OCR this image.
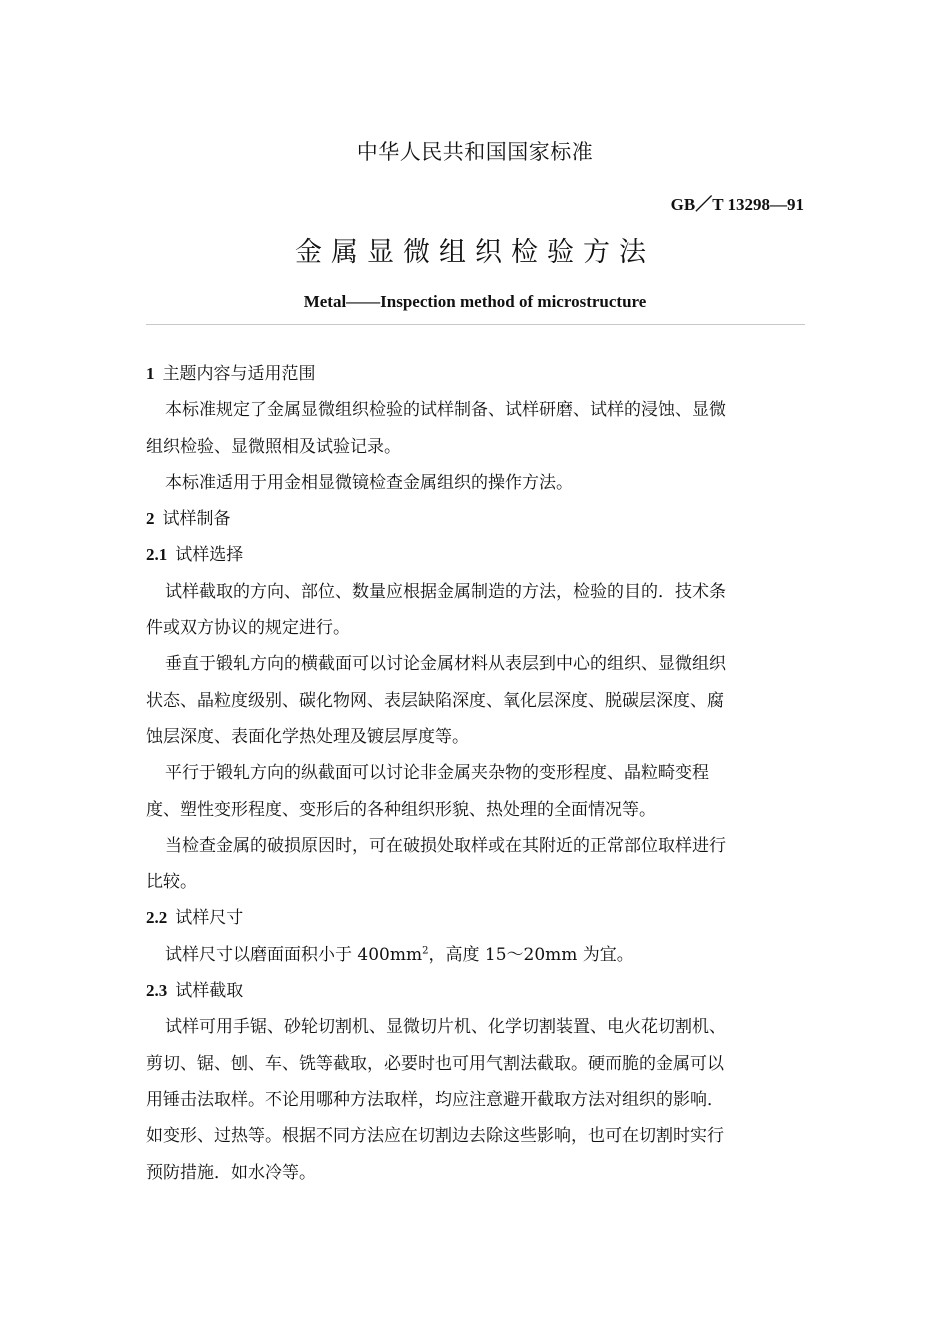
中华人民共和国国家标准
GB／T 13298—91
金属显微组织检验方法
Metal——Inspection method of microstructure
1 主题内容与适用范围
本标准规定了金属显微组织检验的试样制备、试样研磨、试样的浸蚀、显微
组织检验、显微照相及试验记录。
本标准适用于用金相显微镜检查金属组织的操作方法。
2 试样制备
2.1 试样选择
试样截取的方向、部位、数量应根据金属制造的方法，检验的目的．技术条
件或双方协议的规定进行。
垂直于锻轧方向的横截面可以讨论金属材料从表层到中心的组织、显微组织
状态、晶粒度级别、碳化物网、表层缺陷深度、氧化层深度、脱碳层深度、腐
蚀层深度、表面化学热处理及镀层厚度等。
平行于锻轧方向的纵截面可以讨论非金属夹杂物的变形程度、晶粒畸变程
度、塑性变形程度、变形后的各种组织形貌、热处理的全面情况等。
当检查金属的破损原因时，可在破损处取样或在其附近的正常部位取样进行
比较。
2.2 试样尺寸
试样尺寸以磨面面积小于 $400mm^2$，高度 15～20mm 为宜。
2.3 试样截取
试样可用手锯、砂轮切割机、显微切片机、化学切割装置、电火花切割机、
剪切、锯、刨、车、铣等截取，必要时也可用气割法截取。硬而脆的金属可以
用锤击法取样。不论用哪种方法取样，均应注意避开截取方法对组织的影响．
如变形、过热等。根据不同方法应在切割边去除这些影响，也可在切割时实行
预防措施．如水冷等。
